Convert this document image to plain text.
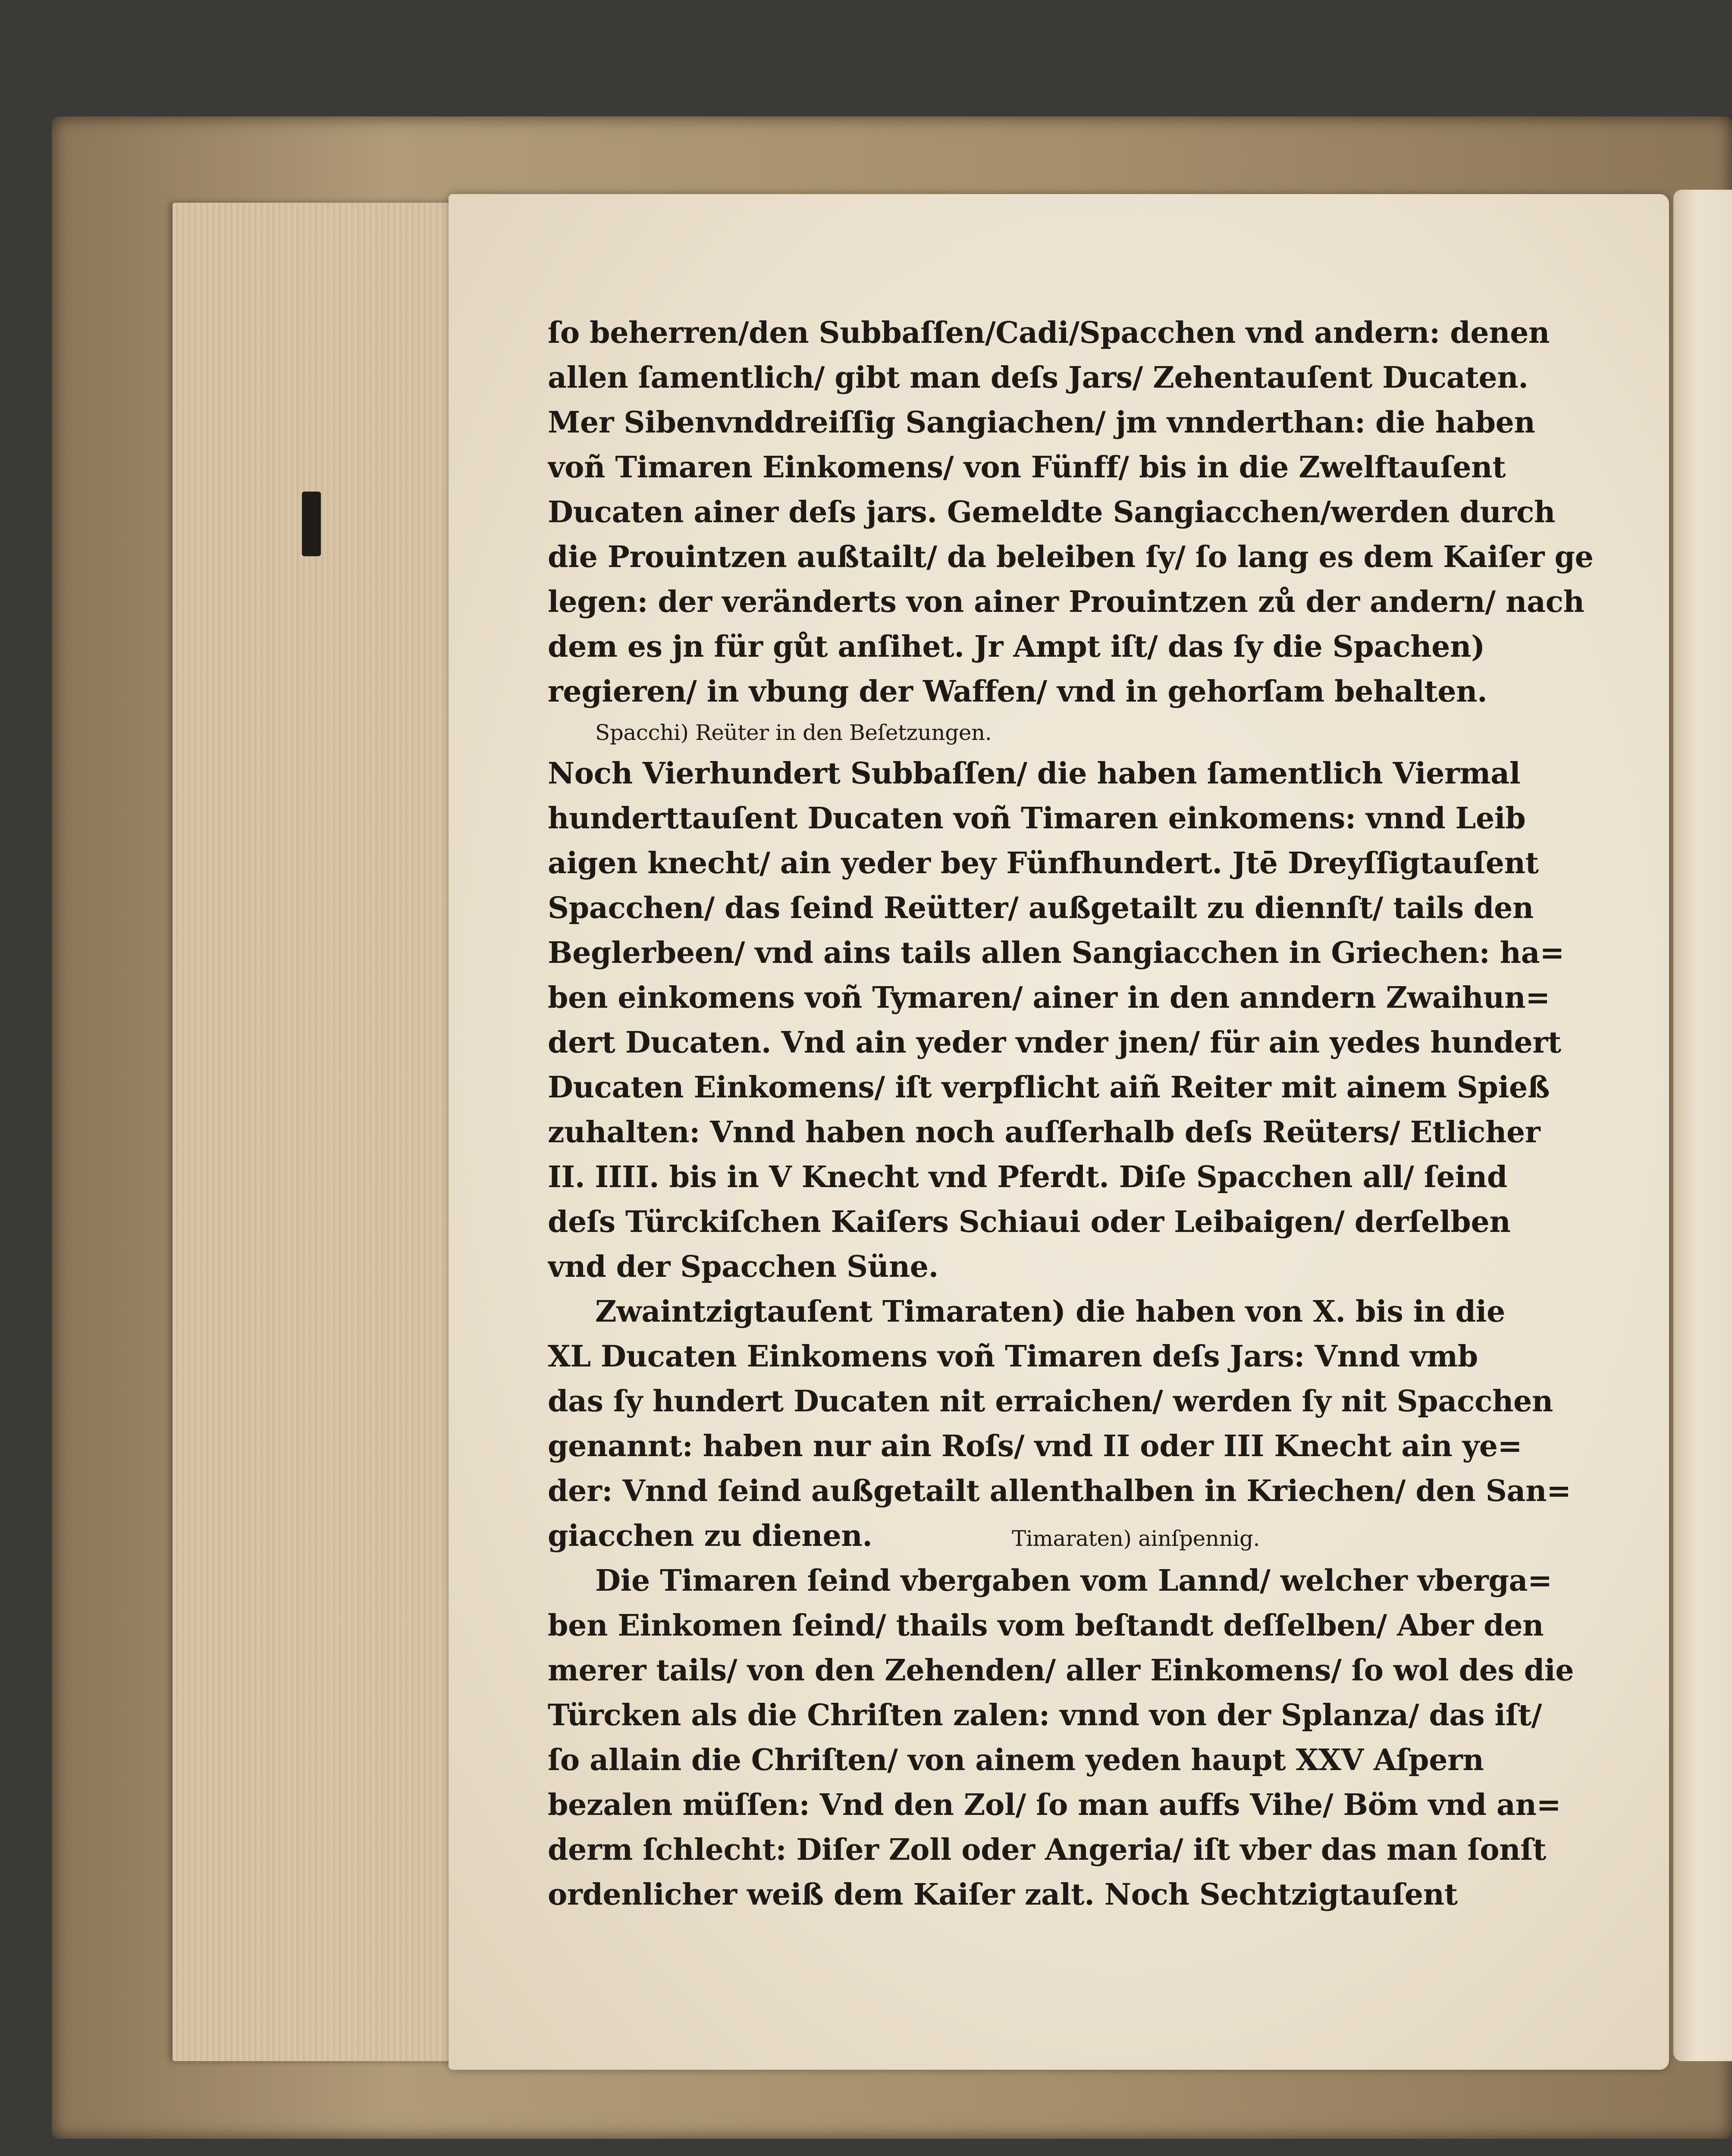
ſo beherren/den Subbaſſen/Cadi/Spacchen vnd andern: denen
allen ſamentlich/ gibt man deſs Jars/ Zehentauſent Ducaten.
Mer Sibenvnddreiſſig Sangiachen/ jm vnnderthan: die haben
voñ Timaren Einkomens/ von Fünff/ bis in die Zwelftauſent
Ducaten ainer deſs jars. Gemeldte Sangiacchen/werden durch
die Prouintzen außtailt/ da beleiben ſy/ ſo lang es dem Kaiſer ge
legen: der veränderts von ainer Prouintzen zů der andern/ nach
dem es jn für gůt anſihet. Jr Ampt iſt/ das ſy die Spachen)
regieren/ in vbung der Waffen/ vnd in gehorſam behalten.
Spacchi) Reüter in den Beſetzungen.
Noch Vierhundert Subbaſſen/ die haben ſamentlich Viermal
hunderttauſent Ducaten voñ Timaren einkomens: vnnd Leib
aigen knecht/ ain yeder bey Fünfhundert. Jtē Dreyſſigtauſent
Spacchen/ das ſeind Reütter/ außgetailt zu diennſt/ tails den
Beglerbeen/ vnd ains tails allen Sangiacchen in Griechen: ha=
ben einkomens voñ Tymaren/ ainer in den anndern Zwaihun=
dert Ducaten. Vnd ain yeder vnder jnen/ für ain yedes hundert
Ducaten Einkomens/ iſt verpflicht aiñ Reiter mit ainem Spieß
zuhalten: Vnnd haben noch auſſerhalb deſs Reüters/ Etlicher
II. IIII. bis in V Knecht vnd Pferdt. Diſe Spacchen all/ ſeind
deſs Türckiſchen Kaiſers Schiaui oder Leibaigen/ derſelben
vnd der Spacchen Süne.
Zwaintzigtauſent Timaraten) die haben von X. bis in die
XL Ducaten Einkomens voñ Timaren deſs Jars: Vnnd vmb
das ſy hundert Ducaten nit erraichen/ werden ſy nit Spacchen
genannt: haben nur ain Roſs/ vnd II oder III Knecht ain ye=
der: Vnnd ſeind außgetailt allenthalben in Kriechen/ den San=
giacchen zu dienen.	Timaraten) ainſpennig.
Die Timaren ſeind vbergaben vom Lannd/ welcher vberga=
ben Einkomen ſeind/ thails vom beſtandt deſſelben/ Aber den
merer tails/ von den Zehenden/ aller Einkomens/ ſo wol des die
Türcken als die Chriſten zalen: vnnd von der Splanza/ das iſt/
ſo allain die Chriſten/ von ainem yeden haupt XXV Aſpern
bezalen müſſen: Vnd den Zol/ ſo man auffs Vihe/ Böm vnd an=
derm ſchlecht: Diſer Zoll oder Angeria/ iſt vber das man ſonſt
ordenlicher weiß dem Kaiſer zalt. Noch Sechtzigtauſent
